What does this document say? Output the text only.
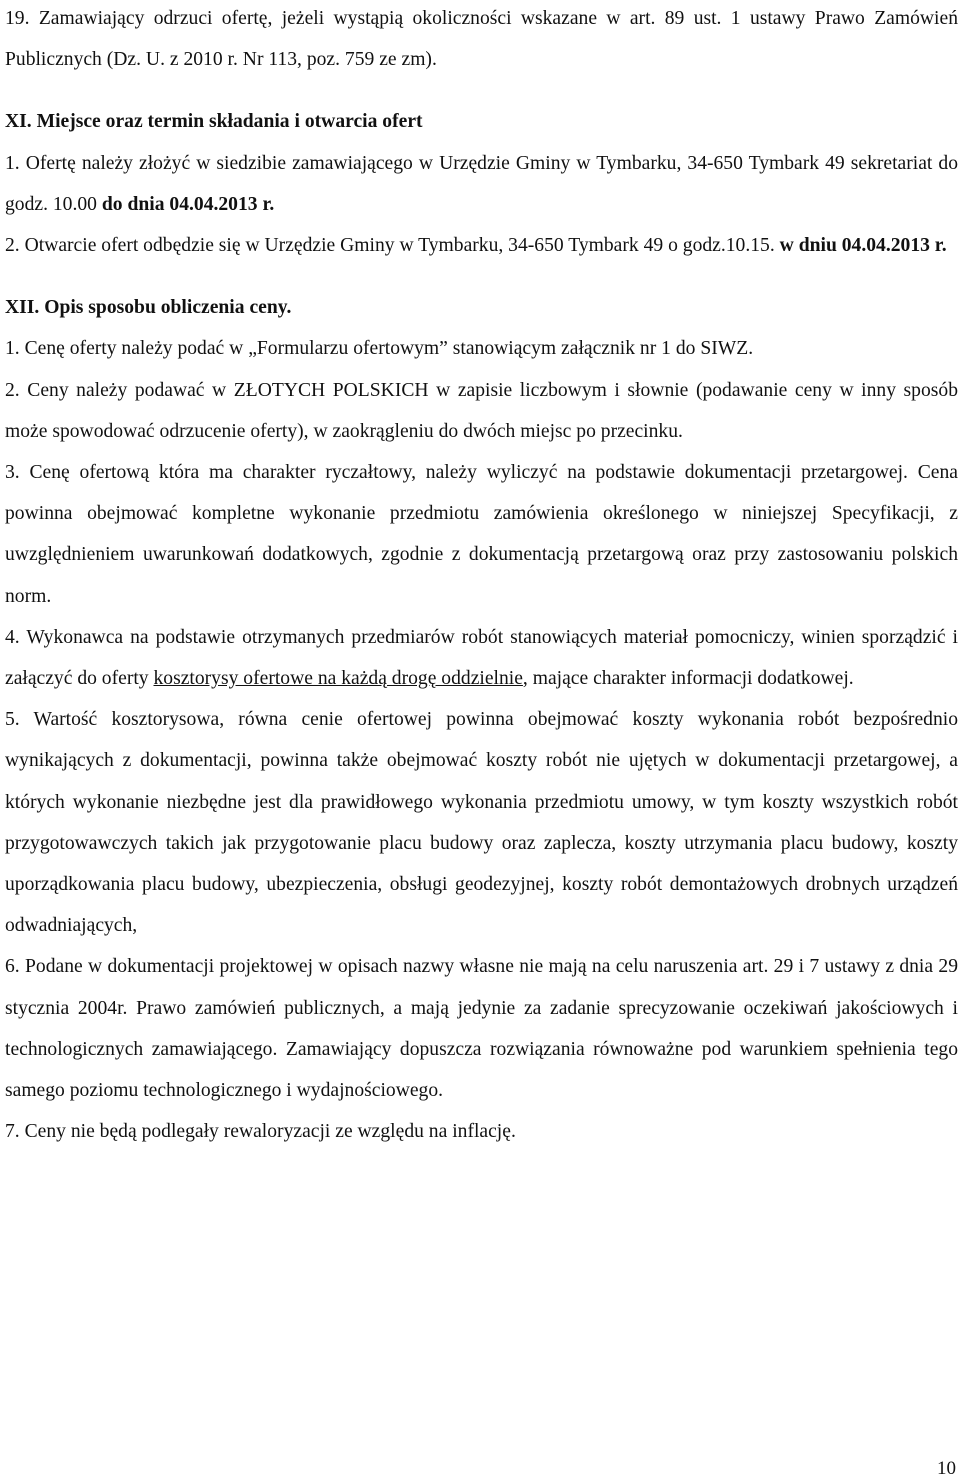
19. Zamawiający odrzuci ofertę, jeżeli wystąpią okoliczności wskazane w art. 89 ust. 1 ustawy Prawo Zamówień Publicznych (Dz. U. z 2010 r. Nr 113, poz. 759 ze zm).

XI. Miejsce oraz termin składania i otwarcia ofert

1. Ofertę należy złożyć w siedzibie zamawiającego w Urzędzie Gminy w Tymbarku, 34-650 Tymbark 49 sekretariat do godz. 10.00 do dnia 04.04.2013 r.

2. Otwarcie ofert odbędzie się w Urzędzie Gminy w Tymbarku, 34-650 Tymbark 49 o godz.10.15. w dniu 04.04.2013 r.

XII. Opis sposobu obliczenia ceny.

1. Cenę oferty należy podać w „Formularzu ofertowym” stanowiącym załącznik nr 1 do SIWZ.

2. Ceny należy podawać w ZŁOTYCH POLSKICH w zapisie liczbowym i słownie (podawanie ceny w inny sposób może spowodować odrzucenie oferty), w zaokrągleniu do dwóch miejsc po przecinku.

3. Cenę ofertową która ma charakter ryczałtowy, należy wyliczyć na podstawie dokumentacji przetargowej. Cena powinna obejmować kompletne wykonanie przedmiotu zamówienia określonego w niniejszej Specyfikacji, z uwzględnieniem uwarunkowań dodatkowych, zgodnie z dokumentacją przetargową oraz przy zastosowaniu polskich norm.

4. Wykonawca na podstawie otrzymanych przedmiarów robót stanowiących materiał pomocniczy, winien sporządzić i załączyć do oferty kosztorysy ofertowe na każdą drogę oddzielnie, mające charakter informacji dodatkowej.

5. Wartość kosztorysowa, równa cenie ofertowej powinna obejmować koszty wykonania robót bezpośrednio wynikających z dokumentacji, powinna także obejmować koszty robót nie ujętych w dokumentacji przetargowej, a których wykonanie niezbędne jest dla prawidłowego wykonania przedmiotu umowy, w tym koszty wszystkich robót przygotowawczych takich jak przygotowanie placu budowy oraz zaplecza, koszty utrzymania placu budowy, koszty uporządkowania placu budowy, ubezpieczenia, obsługi geodezyjnej, koszty robót demontażowych drobnych urządzeń odwadniających,

6. Podane w dokumentacji projektowej w opisach nazwy własne nie mają na celu naruszenia art. 29 i 7 ustawy z dnia 29 stycznia 2004r. Prawo zamówień publicznych, a mają jedynie za zadanie sprecyzowanie oczekiwań jakościowych i technologicznych zamawiającego. Zamawiający dopuszcza rozwiązania równoważne pod warunkiem spełnienia tego samego poziomu technologicznego i wydajnościowego.

7. Ceny nie będą podlegały rewaloryzacji ze względu na inflację.

10
